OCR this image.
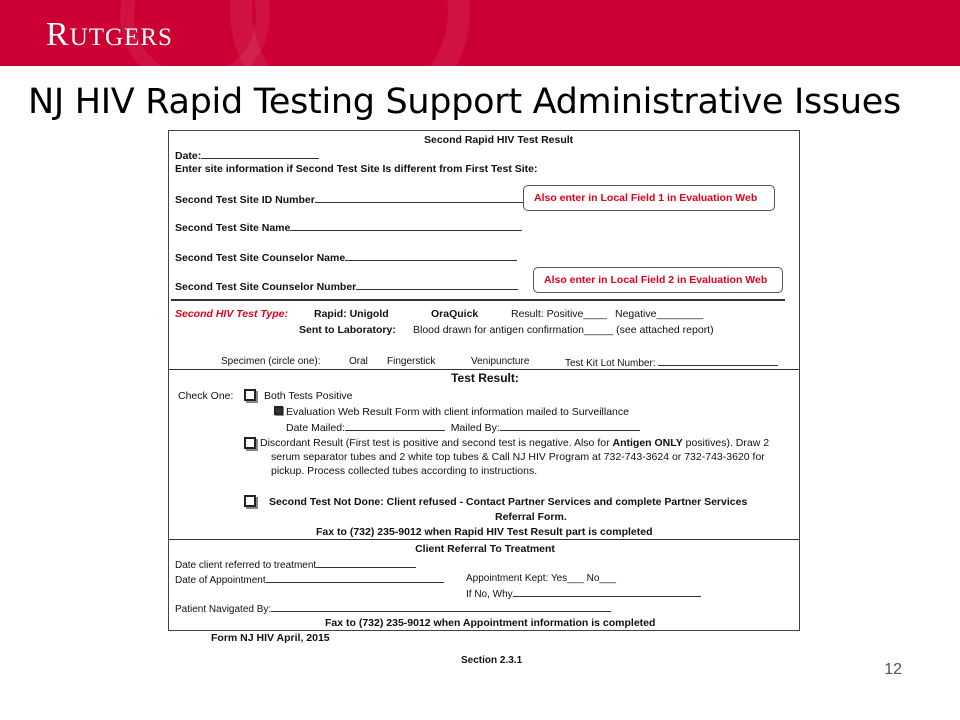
RUTGERS
NJ HIV Rapid Testing Support Administrative Issues
Second Rapid HIV Test Result
Date:
Enter site information if Second Test Site Is different from First Test Site:
Second Test Site ID Number	Also enter in Local Field 1 in Evaluation Web
Second Test Site Name
Second Test Site Counselor Name
Second Test Site Counselor Number
Also enter in Local Field 2 in Evaluation Web
Second HIV Test Type: Rapid: Unigold	OraQuick	Result: Positive____ Negative________
Sent to Laboratory: Blood drawn for antigen confirmation_____ (see attached report)
Specimen (circle one):	Oral Fingerstick	Venipuncture	Test Kit Lot Number:
Test Result:
Check One:	Both Tests Positive
Evaluation Web Result Form with client information mailed to Surveillance
Date Mailed:	Mailed By:
Discordant Result (First test is positive and second test is negative. Also for Antigen ONLY positives). Draw 2
serum separator tubes and 2 white top tubes & Call NJ HIV Program at 732-743-3624 or 732-743-3620 for
pickup. Process collected tubes according to instructions.
Second Test Not Done: Client refused - Contact Partner Services and complete Partner Services
Referral Form.
Fax to (732) 235-9012 when Rapid HIV Test Result part is completed
Client Referral To Treatment
Date client referred to treatment
Date of Appointment	Appointment Kept: Yes___ No___
If No, Why
Patient Navigated By:
Fax to (732) 235-9012 when Appointment information is completed
Form NJ HIV April, 2015
Section 2.3.1
12
